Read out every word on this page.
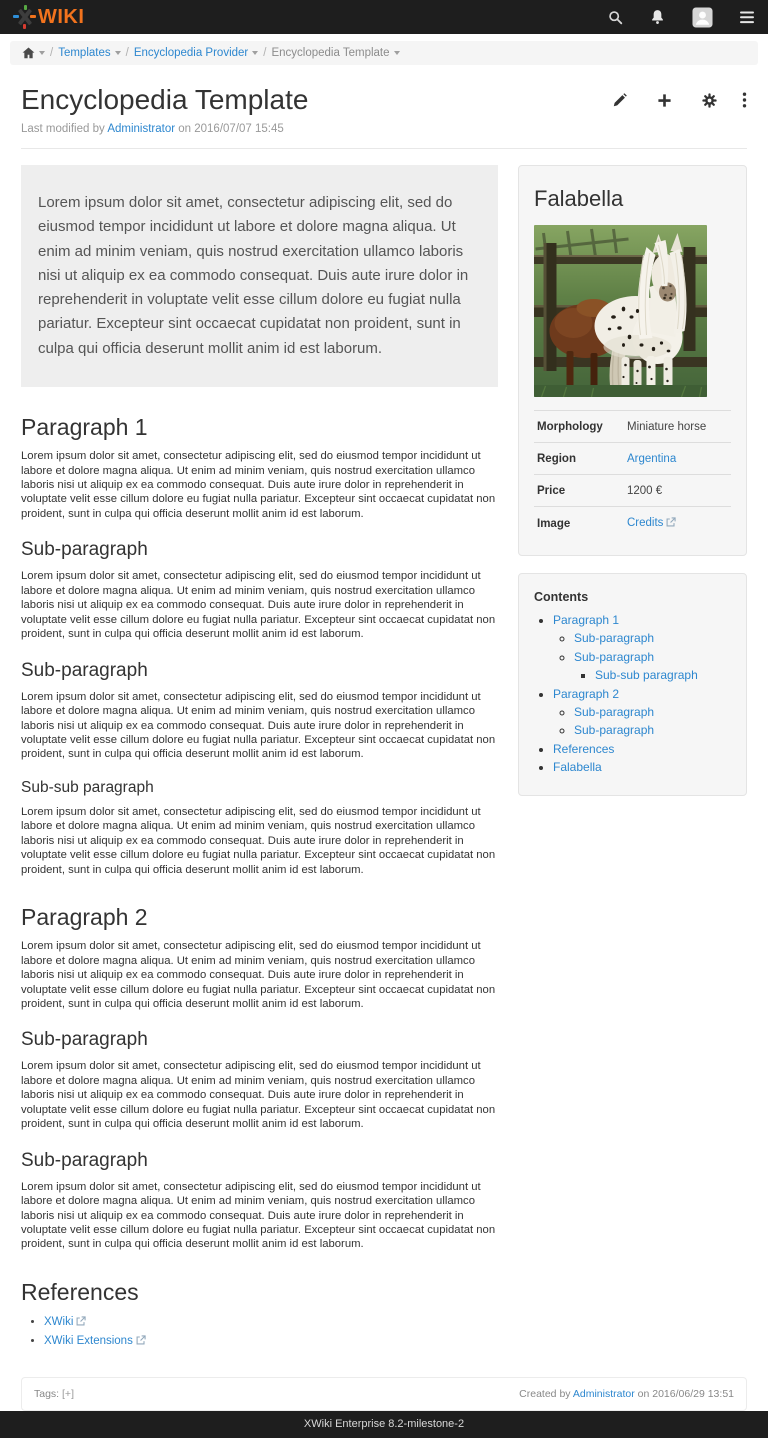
WIKI
/ Templates / Encyclopedia Provider / Encyclopedia Template
Encyclopedia Template
Last modified by Administrator on 2016/07/07 15:45
Lorem ipsum dolor sit amet, consectetur adipiscing elit, sed do eiusmod tempor incididunt ut labore et dolore magna aliqua. Ut enim ad minim veniam, quis nostrud exercitation ullamco laboris nisi ut aliquip ex ea commodo consequat. Duis aute irure dolor in reprehenderit in voluptate velit esse cillum dolore eu fugiat nulla pariatur. Excepteur sint occaecat cupidatat non proident, sunt in culpa qui officia deserunt mollit anim id est laborum.
Paragraph 1

Lorem ipsum dolor sit amet, consectetur adipiscing elit, sed do eiusmod tempor incididunt ut labore et dolore magna aliqua. Ut enim ad minim veniam, quis nostrud exercitation ullamco laboris nisi ut aliquip ex ea commodo consequat. Duis aute irure dolor in reprehenderit in voluptate velit esse cillum dolore eu fugiat nulla pariatur. Excepteur sint occaecat cupidatat non proident, sunt in culpa qui officia deserunt mollit anim id est laborum.

Sub-paragraph

Lorem ipsum dolor sit amet, consectetur adipiscing elit, sed do eiusmod tempor incididunt ut labore et dolore magna aliqua. Ut enim ad minim veniam, quis nostrud exercitation ullamco laboris nisi ut aliquip ex ea commodo consequat. Duis aute irure dolor in reprehenderit in voluptate velit esse cillum dolore eu fugiat nulla pariatur. Excepteur sint occaecat cupidatat non proident, sunt in culpa qui officia deserunt mollit anim id est laborum.

Sub-paragraph

Lorem ipsum dolor sit amet, consectetur adipiscing elit, sed do eiusmod tempor incididunt ut labore et dolore magna aliqua. Ut enim ad minim veniam, quis nostrud exercitation ullamco laboris nisi ut aliquip ex ea commodo consequat. Duis aute irure dolor in reprehenderit in voluptate velit esse cillum dolore eu fugiat nulla pariatur. Excepteur sint occaecat cupidatat non proident, sunt in culpa qui officia deserunt mollit anim id est laborum.

Sub-sub paragraph

Lorem ipsum dolor sit amet, consectetur adipiscing elit, sed do eiusmod tempor incididunt ut labore et dolore magna aliqua. Ut enim ad minim veniam, quis nostrud exercitation ullamco laboris nisi ut aliquip ex ea commodo consequat. Duis aute irure dolor in reprehenderit in voluptate velit esse cillum dolore eu fugiat nulla pariatur. Excepteur sint occaecat cupidatat non proident, sunt in culpa qui officia deserunt mollit anim id est laborum.

Paragraph 2

Lorem ipsum dolor sit amet, consectetur adipiscing elit, sed do eiusmod tempor incididunt ut labore et dolore magna aliqua. Ut enim ad minim veniam, quis nostrud exercitation ullamco laboris nisi ut aliquip ex ea commodo consequat. Duis aute irure dolor in reprehenderit in voluptate velit esse cillum dolore eu fugiat nulla pariatur. Excepteur sint occaecat cupidatat non proident, sunt in culpa qui officia deserunt mollit anim id est laborum.

Sub-paragraph

Lorem ipsum dolor sit amet, consectetur adipiscing elit, sed do eiusmod tempor incididunt ut labore et dolore magna aliqua. Ut enim ad minim veniam, quis nostrud exercitation ullamco laboris nisi ut aliquip ex ea commodo consequat. Duis aute irure dolor in reprehenderit in voluptate velit esse cillum dolore eu fugiat nulla pariatur. Excepteur sint occaecat cupidatat non proident, sunt in culpa qui officia deserunt mollit anim id est laborum.

Sub-paragraph

Lorem ipsum dolor sit amet, consectetur adipiscing elit, sed do eiusmod tempor incididunt ut labore et dolore magna aliqua. Ut enim ad minim veniam, quis nostrud exercitation ullamco laboris nisi ut aliquip ex ea commodo consequat. Duis aute irure dolor in reprehenderit in voluptate velit esse cillum dolore eu fugiat nulla pariatur. Excepteur sint occaecat cupidatat non proident, sunt in culpa qui officia deserunt mollit anim id est laborum.

References
• XWiki
• XWiki Extensions
Falabella
Morphology	Miniature horse
Region	Argentina
Price	1200 €
Image	Credits
Contents
• Paragraph 1
◦ Sub-paragraph
◦ Sub-paragraph
▪ Sub-sub paragraph
• Paragraph 2
◦ Sub-paragraph
◦ Sub-paragraph
• References
• Falabella
Tags: [+]	Created by Administrator on 2016/06/29 13:51
XWiki Enterprise 8.2-milestone-2
